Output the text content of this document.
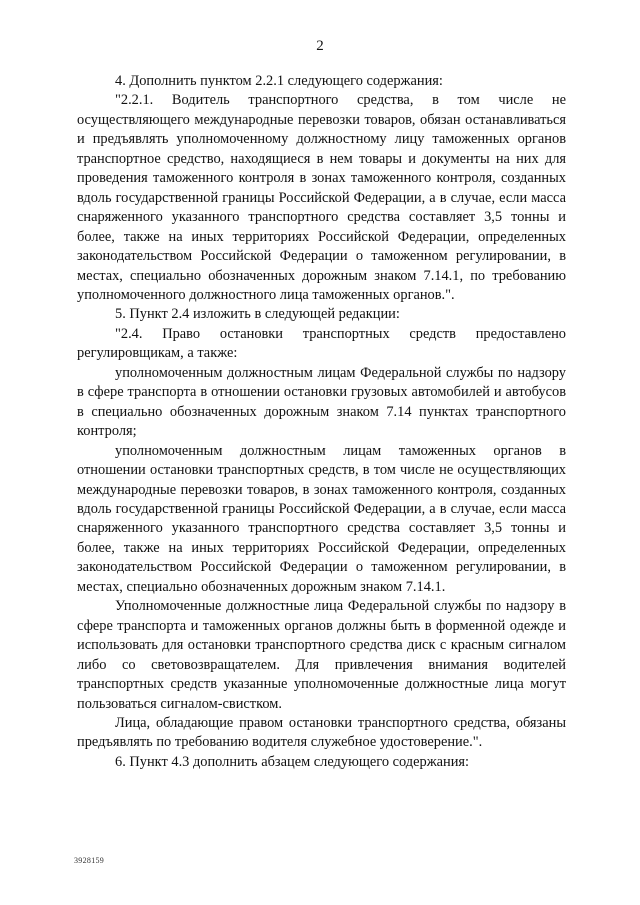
2

4. Дополнить пунктом 2.2.1 следующего содержания:

"2.2.1. Водитель транспортного средства, в том числе не осуществляющего международные перевозки товаров, обязан останавливаться и предъявлять уполномоченному должностному лицу таможенных органов транспортное средство, находящиеся в нем товары и документы на них для проведения таможенного контроля в зонах таможенного контроля, созданных вдоль государственной границы Российской Федерации, а в случае, если масса снаряженного указанного транспортного средства составляет 3,5 тонны и более, также на иных территориях Российской Федерации, определенных законодательством Российской Федерации о таможенном регулировании, в местах, специально обозначенных дорожным знаком 7.14.1, по требованию уполномоченного должностного лица таможенных органов.".

5. Пункт 2.4 изложить в следующей редакции:

"2.4. Право остановки транспортных средств предоставлено регулировщикам, а также:

уполномоченным должностным лицам Федеральной службы по надзору в сфере транспорта в отношении остановки грузовых автомобилей и автобусов в специально обозначенных дорожным знаком 7.14 пунктах транспортного контроля;

уполномоченным должностным лицам таможенных органов в отношении остановки транспортных средств, в том числе не осуществляющих международные перевозки товаров, в зонах таможенного контроля, созданных вдоль государственной границы Российской Федерации, а в случае, если масса снаряженного указанного транспортного средства составляет 3,5 тонны и более, также на иных территориях Российской Федерации, определенных законодательством Российской Федерации о таможенном регулировании, в местах, специально обозначенных дорожным знаком 7.14.1.

Уполномоченные должностные лица Федеральной службы по надзору в сфере транспорта и таможенных органов должны быть в форменной одежде и использовать для остановки транспортного средства диск с красным сигналом либо со световозвращателем. Для привлечения внимания водителей транспортных средств указанные уполномоченные должностные лица могут пользоваться сигналом-свистком.

Лица, обладающие правом остановки транспортного средства, обязаны предъявлять по требованию водителя служебное удостоверение.".

6. Пункт 4.3 дополнить абзацем следующего содержания:

3928159
